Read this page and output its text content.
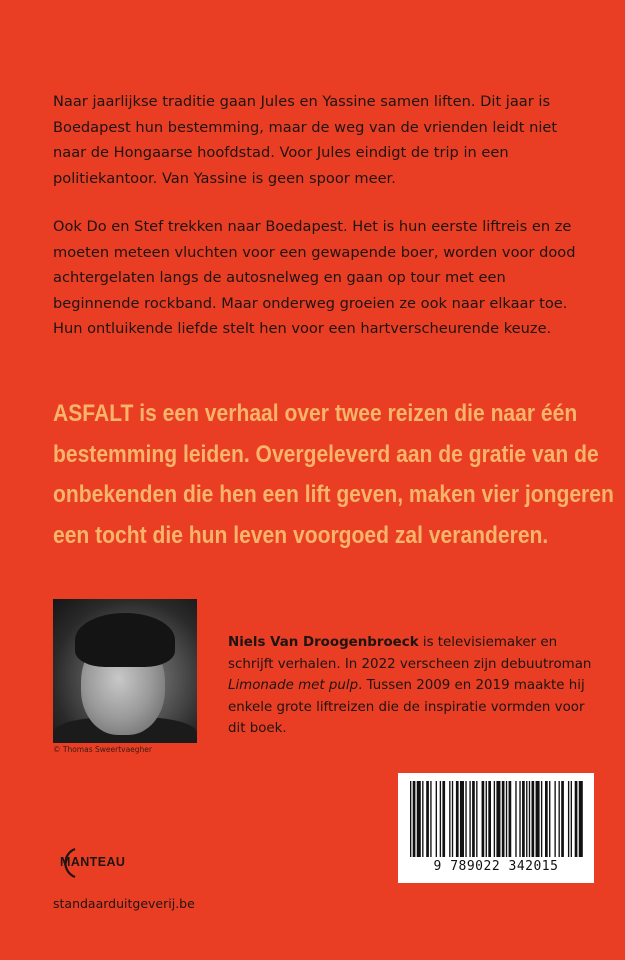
Naar jaarlijkse traditie gaan Jules en Yassine samen liften. Dit jaar is Boedapest hun bestemming, maar de weg van de vrienden leidt niet naar de Hongaarse hoofdstad. Voor Jules eindigt de trip in een politiekantoor. Van Yassine is geen spoor meer.

Ook Do en Stef trekken naar Boedapest. Het is hun eerste liftreis en ze moeten meteen vluchten voor een gewapende boer, worden voor dood achtergelaten langs de autosnelweg en gaan op tour met een beginnende rockband. Maar onderweg groeien ze ook naar elkaar toe. Hun ontluikende liefde stelt hen voor een hartverscheurende keuze.

ASFALT is een verhaal over twee reizen die naar één
bestemming leiden. Overgeleverd aan de gratie van de
onbekenden die hen een lift geven, maken vier jongeren
een tocht die hun leven voorgoed zal veranderen.
© Thomas Sweertvaegher

Niels Van Droogenbroeck is televisiemaker en schrijft verhalen. In 2022 verscheen zijn debuutroman Limonade met pulp. Tussen 2009 en 2019 maakte hij enkele grote liftreizen die de inspiratie vormden voor dit boek.

9 789022 342015
MANTEAU
standaarduitgeverij.be
